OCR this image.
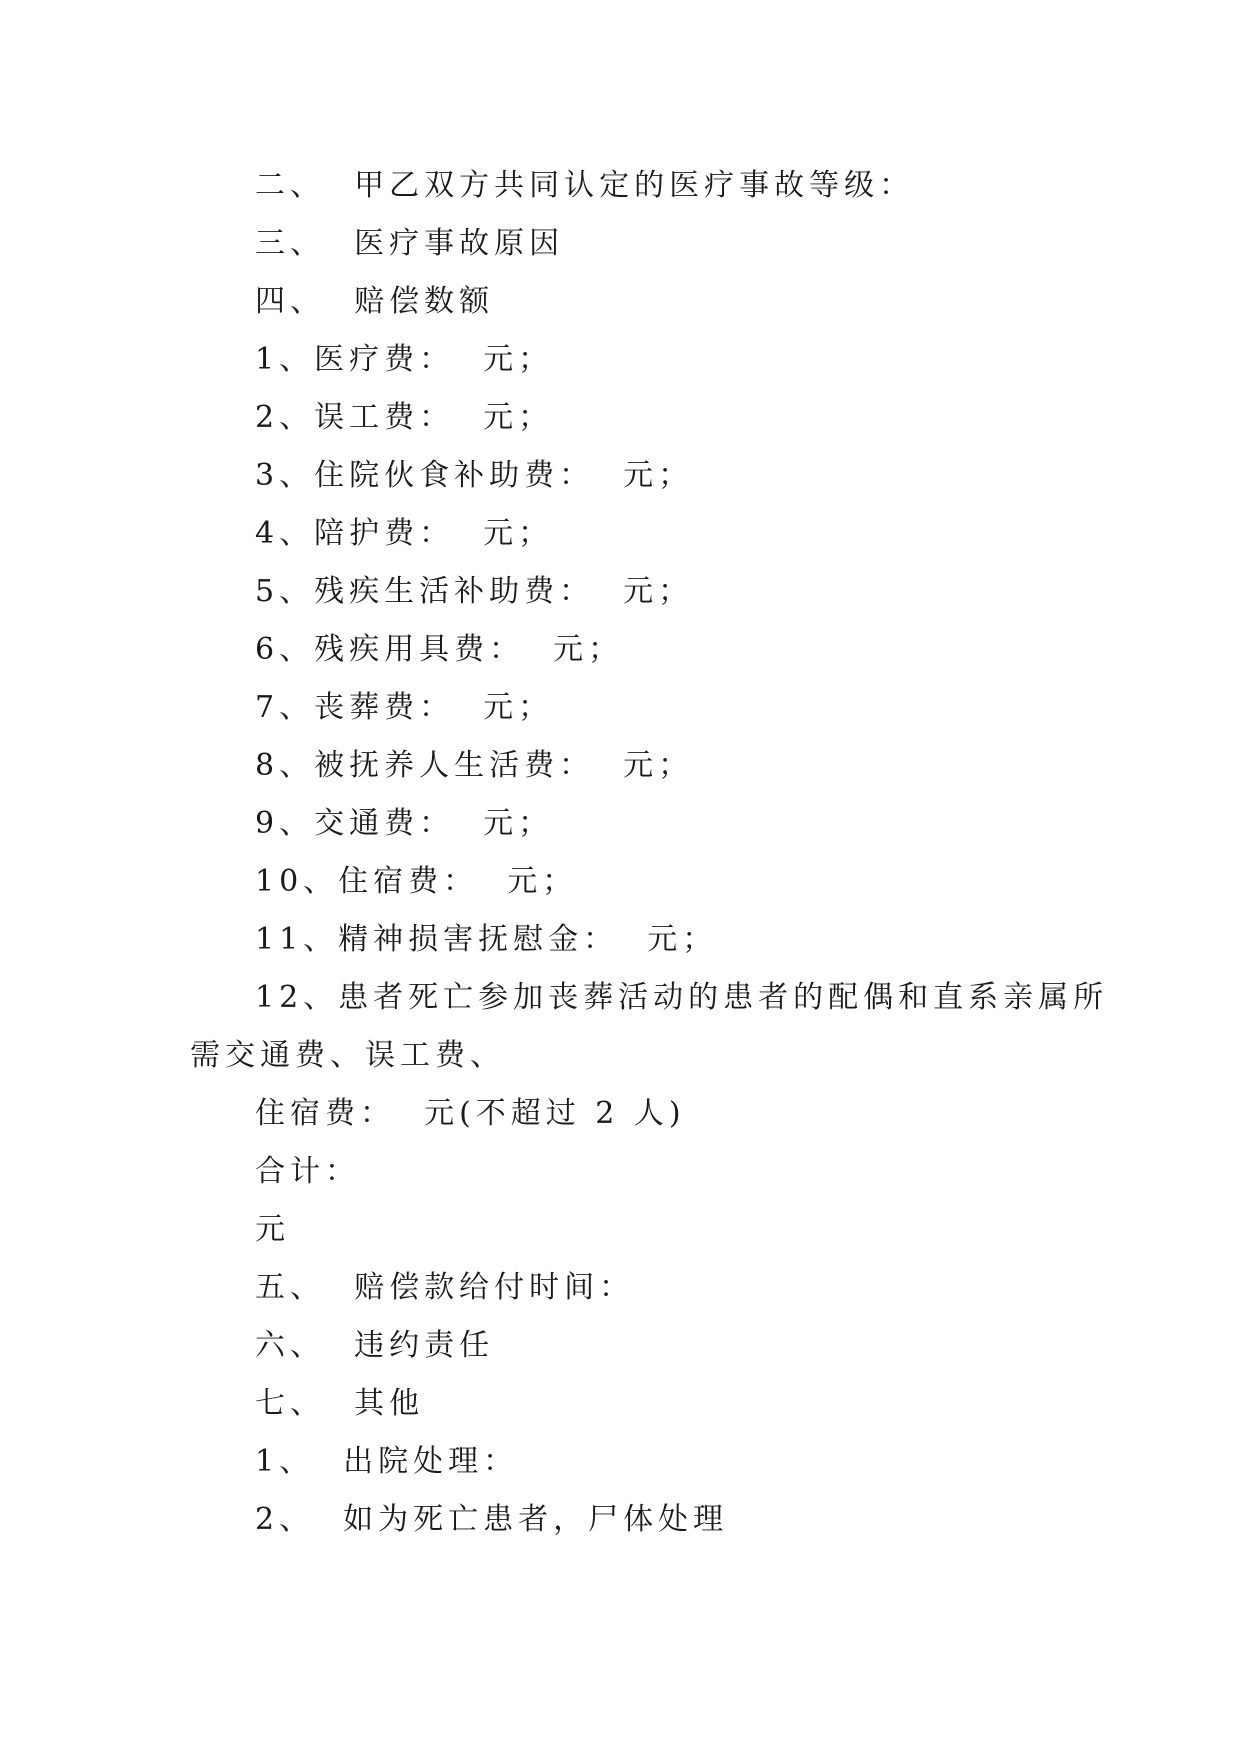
二、  甲乙双方共同认定的医疗事故等级：
三、  医疗事故原因
四、  赔偿数额
1、医疗费：  元；
2、误工费：  元；
3、住院伙食补助费：  元；
4、陪护费：  元；
5、残疾生活补助费：  元；
6、残疾用具费：  元；
7、丧葬费：  元；
8、被抚养人生活费：  元；
9、交通费：  元；
10、住宿费：  元；
11、精神损害抚慰金：  元；
12、患者死亡参加丧葬活动的患者的配偶和直系亲属所
需交通费、误工费、
住宿费：  元(不超过 2 人)
合计：
元
五、  赔偿款给付时间：
六、  违约责任
七、  其他
1、  出院处理：
2、  如为死亡患者，尸体处理
